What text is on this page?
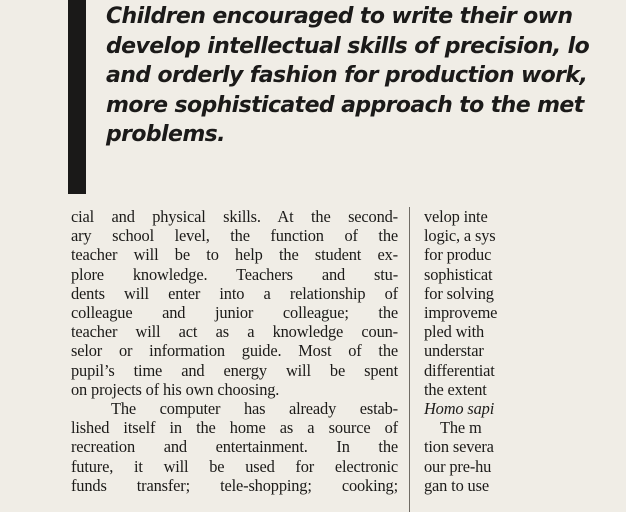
Children encouraged to write their own
develop intellectual skills of precision, lo
and orderly fashion for production work,
more sophisticated approach to the met
problems.
cial and physical skills. At the second-
ary school level, the function of the
teacher will be to help the student ex-
plore knowledge. Teachers and stu-
dents will enter into a relationship of
colleague and junior colleague; the
teacher will act as a knowledge coun-
selor or information guide. Most of the
pupil’s time and energy will be spent
on projects of his own choosing.
The computer has already estab-
lished itself in the home as a source of
recreation and entertainment. In the
future, it will be used for electronic
funds transfer; tele-shopping; cooking;
velop inte
logic, a sys
for produc
sophisticat
for solving
improveme
pled with
understar
differentiat
the extent
Homo sapi
The m
tion severa
our pre-hu
gan to use
